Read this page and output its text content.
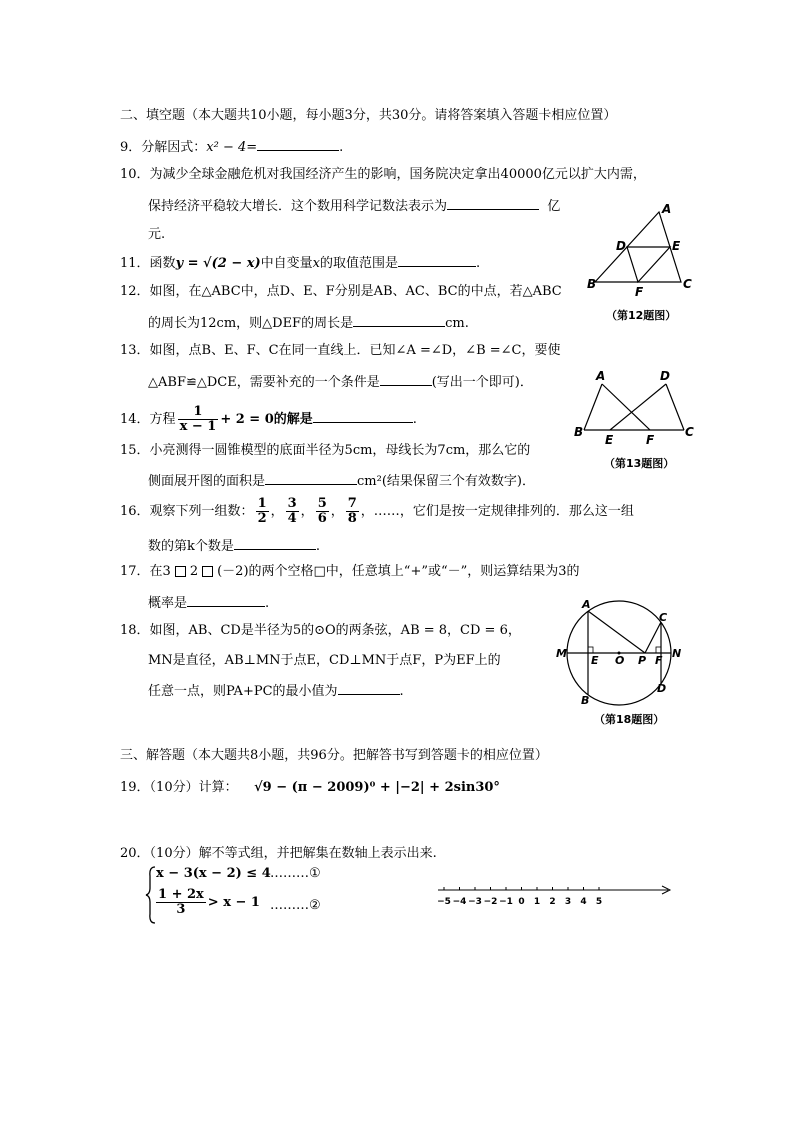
二、填空题（本大题共10小题，每小题3分，共30分。请将答案填入答题卡相应位置）
9．分解因式：x² − 4=	.
10．为减少全球金融危机对我国经济产生的影响，国务院决定拿出40000亿元以扩大内需，
保持经济平稳较大增长．这个数用科学记数法表示为	亿
元.
11．函数y = √(2 − x)中自变量x的取值范围是	.
12．如图，在△ABC中，点D、E、F分别是AB、AC、BC的中点，若△ABC
的周长为12cm，则△DEF的周长是	cm.
13．如图，点B、E、F、C在同一直线上．已知∠A =∠D，∠B =∠C，要使
△ABF≌△DCE，需要补充的一个条件是	(写出一个即可)．
14．方程 $\frac{1}{x - 1} + 2 = 0$的解是	.
15．小亮测得一圆锥模型的底面半径为5cm，母线长为7cm，那么它的
侧面展开图的面积是	cm²(结果保留三个有效数字)．
16．观察下列一组数： $\frac{1}{2}$ ， $\frac{3}{4}$ ， $\frac{5}{6}$ ， $\frac{7}{8}$ ，……，它们是按一定规律排列的．那么这一组
数的第k个数是	.
17．在3 2 (－2)的两个空格□中，任意填上“+”或“－”，则运算结果为3的
概率是	.
18．如图，AB、CD是半径为5的⊙O的两条弦，AB = 8，CD = 6，
MN是直径，AB⊥MN于点E，CD⊥MN于点F，P为EF上的
任意一点，则PA+PC的最小值为	.
三、解答题（本大题共8小题，共96分。把解答书写到答题卡的相应位置）
19．（10分）计算： √9 − (π − 2009)⁰ + |−2| + 2sin30°
20．（10分）解不等式组，并把解集在数轴上表示出来.
x − 3(x − 2) ≤ 4 ………①
$\frac{1 + 2x}{3} > x - 1$ ………②	−5 −4 −3 −2 −1 0 1 2 3 4 5
A
D	E
B
F
C
（第12题图）
A	D
B
E	F
C
（第13题图）
A
C
M
E O P F
N
B
D
（第18题图）
